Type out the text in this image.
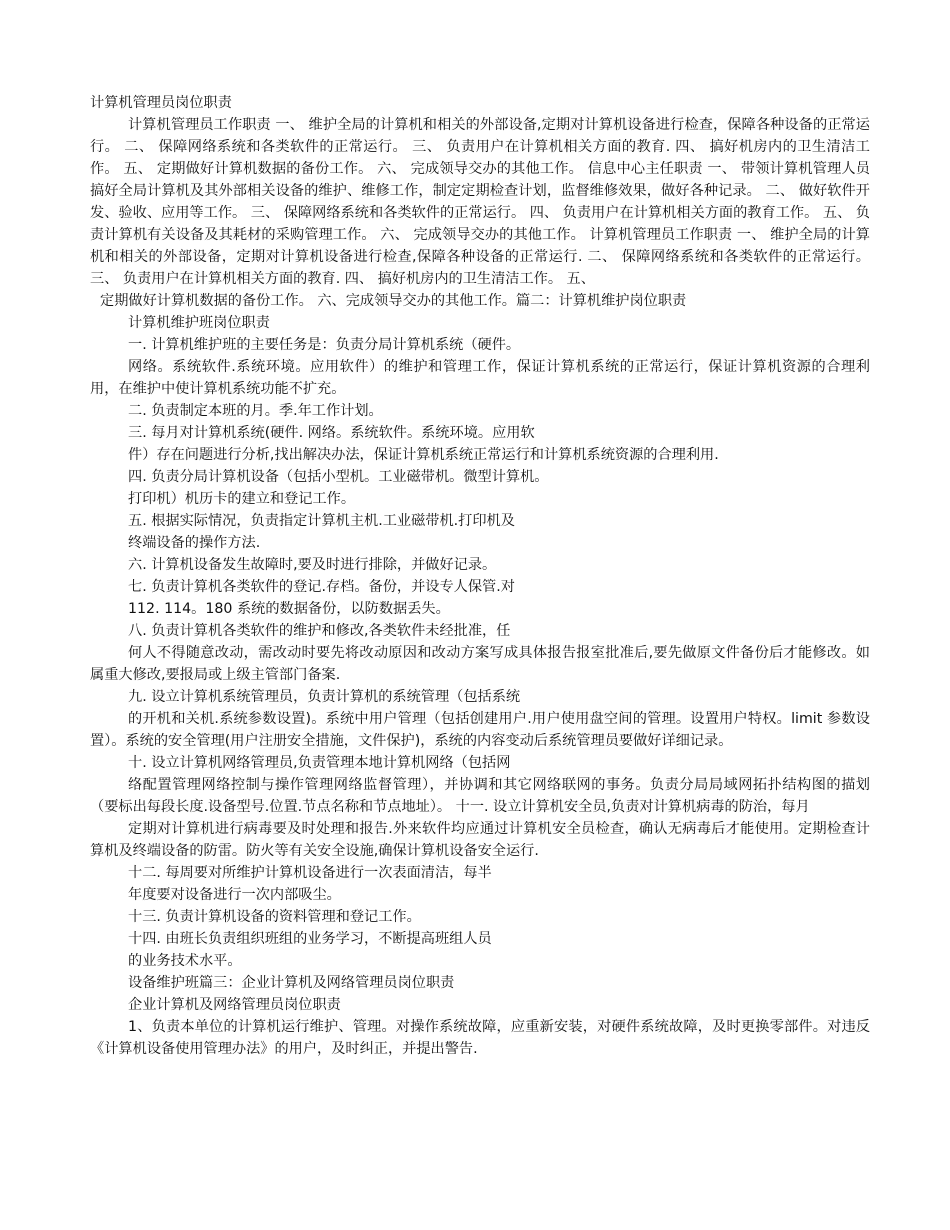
计算机管理员岗位职责

计算机管理员工作职责 一、 维护全局的计算机和相关的外部设备,定期对计算机设备进行检查，保障各种设备的正常运行。 二、 保障网络系统和各类软件的正常运行。 三、 负责用户在计算机相关方面的教育. 四、 搞好机房内的卫生清洁工作。 五、 定期做好计算机数据的备份工作。 六、 完成领导交办的其他工作。 信息中心主任职责 一、 带领计算机管理人员搞好全局计算机及其外部相关设备的维护、维修工作，制定定期检查计划，监督维修效果，做好各种记录。 二、 做好软件开发、验收、应用等工作。 三、 保障网络系统和各类软件的正常运行。 四、 负责用户在计算机相关方面的教育工作。 五、 负责计算机有关设备及其耗材的采购管理工作。 六、 完成领导交办的其他工作。 计算机管理员工作职责 一、 维护全局的计算机和相关的外部设备，定期对计算机设备进行检查,保障各种设备的正常运行. 二、 保障网络系统和各类软件的正常运行。 三、 负责用户在计算机相关方面的教育. 四、 搞好机房内的卫生清洁工作。 五、

定期做好计算机数据的备份工作。 六、完成领导交办的其他工作。篇二：计算机维护岗位职责

计算机维护班岗位职责

一. 计算机维护班的主要任务是：负责分局计算机系统（硬件。

网络。系统软件.系统环境。应用软件）的维护和管理工作，保证计算机系统的正常运行，保证计算机资源的合理利用，在维护中使计算机系统功能不扩充。

二. 负责制定本班的月。季.年工作计划。

三. 每月对计算机系统(硬件. 网络。系统软件。系统环境。应用软

件）存在问题进行分析,找出解决办法，保证计算机系统正常运行和计算机系统资源的合理利用.

四. 负责分局计算机设备（包括小型机。工业磁带机。微型计算机。

打印机）机历卡的建立和登记工作。

五. 根据实际情况，负责指定计算机主机.工业磁带机.打印机及

终端设备的操作方法.

六. 计算机设备发生故障时,要及时进行排除，并做好记录。

七. 负责计算机各类软件的登记.存档。备份，并设专人保管.对

112. 114。180 系统的数据备份，以防数据丢失。

八. 负责计算机各类软件的维护和修改,各类软件未经批准，任

何人不得随意改动，需改动时要先将改动原因和改动方案写成具体报告报室批准后,要先做原文件备份后才能修改。如属重大修改,要报局或上级主管部门备案.

九. 设立计算机系统管理员，负责计算机的系统管理（包括系统

的开机和关机.系统参数设置)。系统中用户管理（包括创建用户.用户使用盘空间的管理。设置用户特权。limit 参数设置）。系统的安全管理(用户注册安全措施，文件保护)，系统的内容变动后系统管理员要做好详细记录。

十. 设立计算机网络管理员,负责管理本地计算机网络（包括网

络配置管理网络控制与操作管理网络监督管理），并协调和其它网络联网的事务。负责分局局域网拓扑结构图的描划（要标出每段长度.设备型号.位置.节点名称和节点地址）。 十一. 设立计算机安全员,负责对计算机病毒的防治，每月

定期对计算机进行病毒要及时处理和报告.外来软件均应通过计算机安全员检查，确认无病毒后才能使用。定期检查计算机及终端设备的防雷。防火等有关安全设施,确保计算机设备安全运行.

十二. 每周要对所维护计算机设备进行一次表面清洁，每半

年度要对设备进行一次内部吸尘。

十三. 负责计算机设备的资料管理和登记工作。

十四. 由班长负责组织班组的业务学习，不断提高班组人员

的业务技术水平。

设备维护班篇三：企业计算机及网络管理员岗位职责

企业计算机及网络管理员岗位职责

1、负责本单位的计算机运行维护、管理。对操作系统故障，应重新安装，对硬件系统故障，及时更换零部件。对违反《计算机设备使用管理办法》的用户，及时纠正，并提出警告.
